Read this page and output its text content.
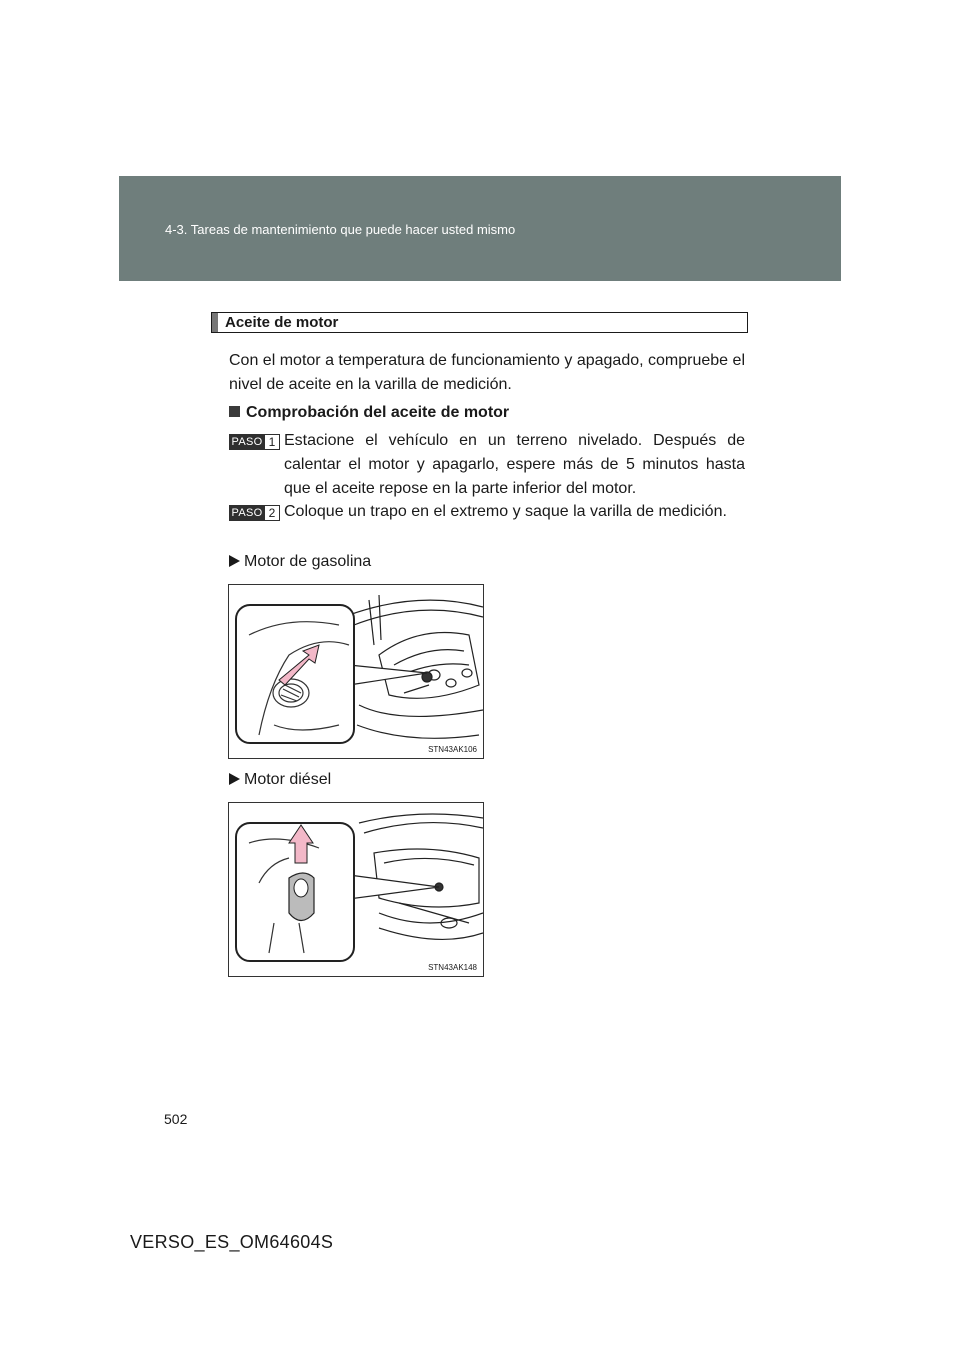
4-3. Tareas de mantenimiento que puede hacer usted mismo
Aceite de motor

Con el motor a temperatura de funcionamiento y apagado, compruebe el nivel de aceite en la varilla de medición.

Comprobación del aceite de motor
PASO 1 Estacione el vehículo en un terreno nivelado. Después de calentar el motor y apagarlo, espere más de 5 minutos hasta que el aceite repose en la parte inferior del motor.

PASO 2 Coloque un trapo en el extremo y saque la varilla de medición.

Motor de gasolina
STN43AK106
Motor diésel
STN43AK148
502
VERSO_ES_OM64604S
